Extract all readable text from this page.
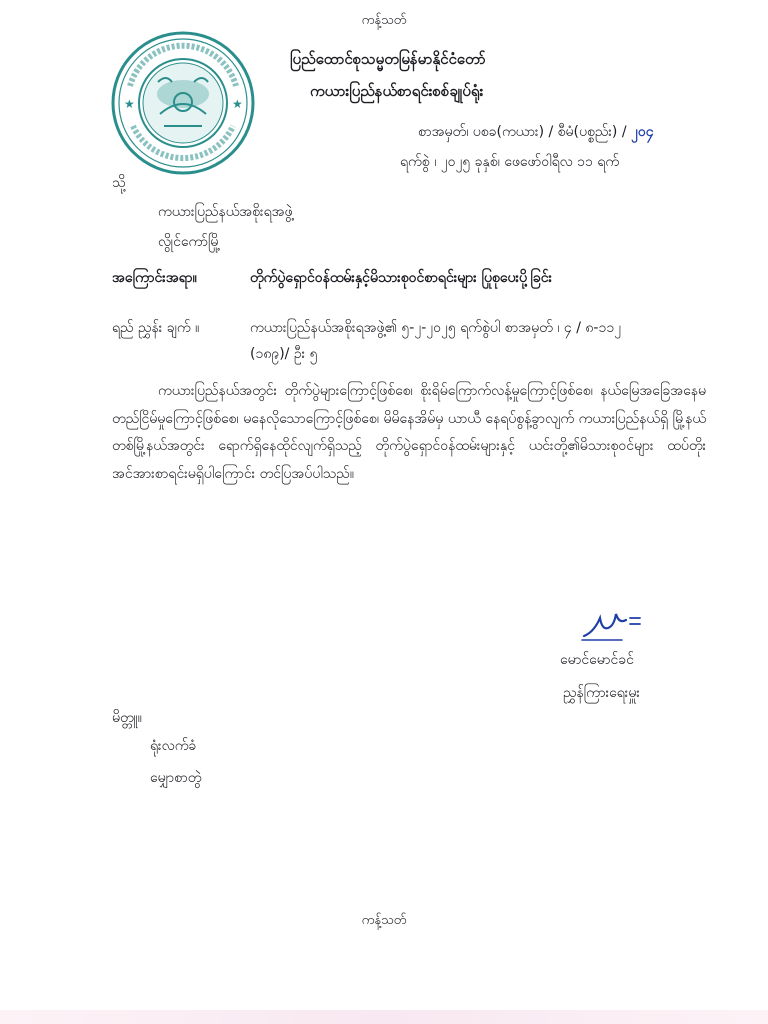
ကန့်သတ်
★	★
ပြည်ထောင်စုသမ္မတမြန်မာနိုင်ငံတော်
ကယားပြည်နယ်စာရင်းစစ်ချုပ်ရုံး
စာအမှတ်၊ ပစခ(ကယား) / စီမံ(ပစ္စည်း) / ၂၀၄
ရက်စွဲ ၊ ၂၀၂၅ ခုနှစ်၊ ဖေဖော်ဝါရီလ ၁၁ ရက်
သို့
ကယားပြည်နယ်အစိုးရအဖွဲ့
လွိုင်ကော်မြို့
အကြောင်းအရာ။	တိုက်ပွဲရှောင်ဝန်ထမ်းနှင့်မိသားစုဝင်စာရင်းများ ပြုစုပေးပို့ခြင်း
ရည် ညွှန်း ချက် ။	ကယားပြည်နယ်အစိုးရအဖွဲ့၏ ၅-၂-၂၀၂၅ ရက်စွဲပါ စာအမှတ် ၊ ၄ / ၈-၁၁၂
(၁၈၉)/ ဦး ၅
ကယားပြည်နယ်အတွင်း တိုက်ပွဲများကြောင့်ဖြစ်စေ၊ စိုးရိမ်ကြောက်လန့်မှုကြောင့်ဖြစ်စေ၊ နယ်မြေအခြေအနေမတည်ငြိမ်မှုကြောင့်ဖြစ်စေ၊ မနေလိုသောကြောင့်ဖြစ်စေ၊ မိမိနေအိမ်မှ ယာယီ နေရပ်စွန့်ခွာလျက် ကယားပြည်နယ်ရှိ မြို့နယ်တစ်မြို့နယ်အတွင်း ရောက်ရှိနေထိုင်လျက်ရှိသည့် တိုက်ပွဲရှောင်ဝန်ထမ်းများနှင့် ယင်းတို့၏မိသားစုဝင်များ ထပ်တိုးအင်အားစာရင်းမရှိပါကြောင်း တင်ပြအပ်ပါသည်။
မောင်မောင်ခင်
ညွှန်ကြားရေးမှူး
မိတ္တူ။
ရုံးလက်ခံ
မျှောစာတွဲ
ကန့်သတ်
